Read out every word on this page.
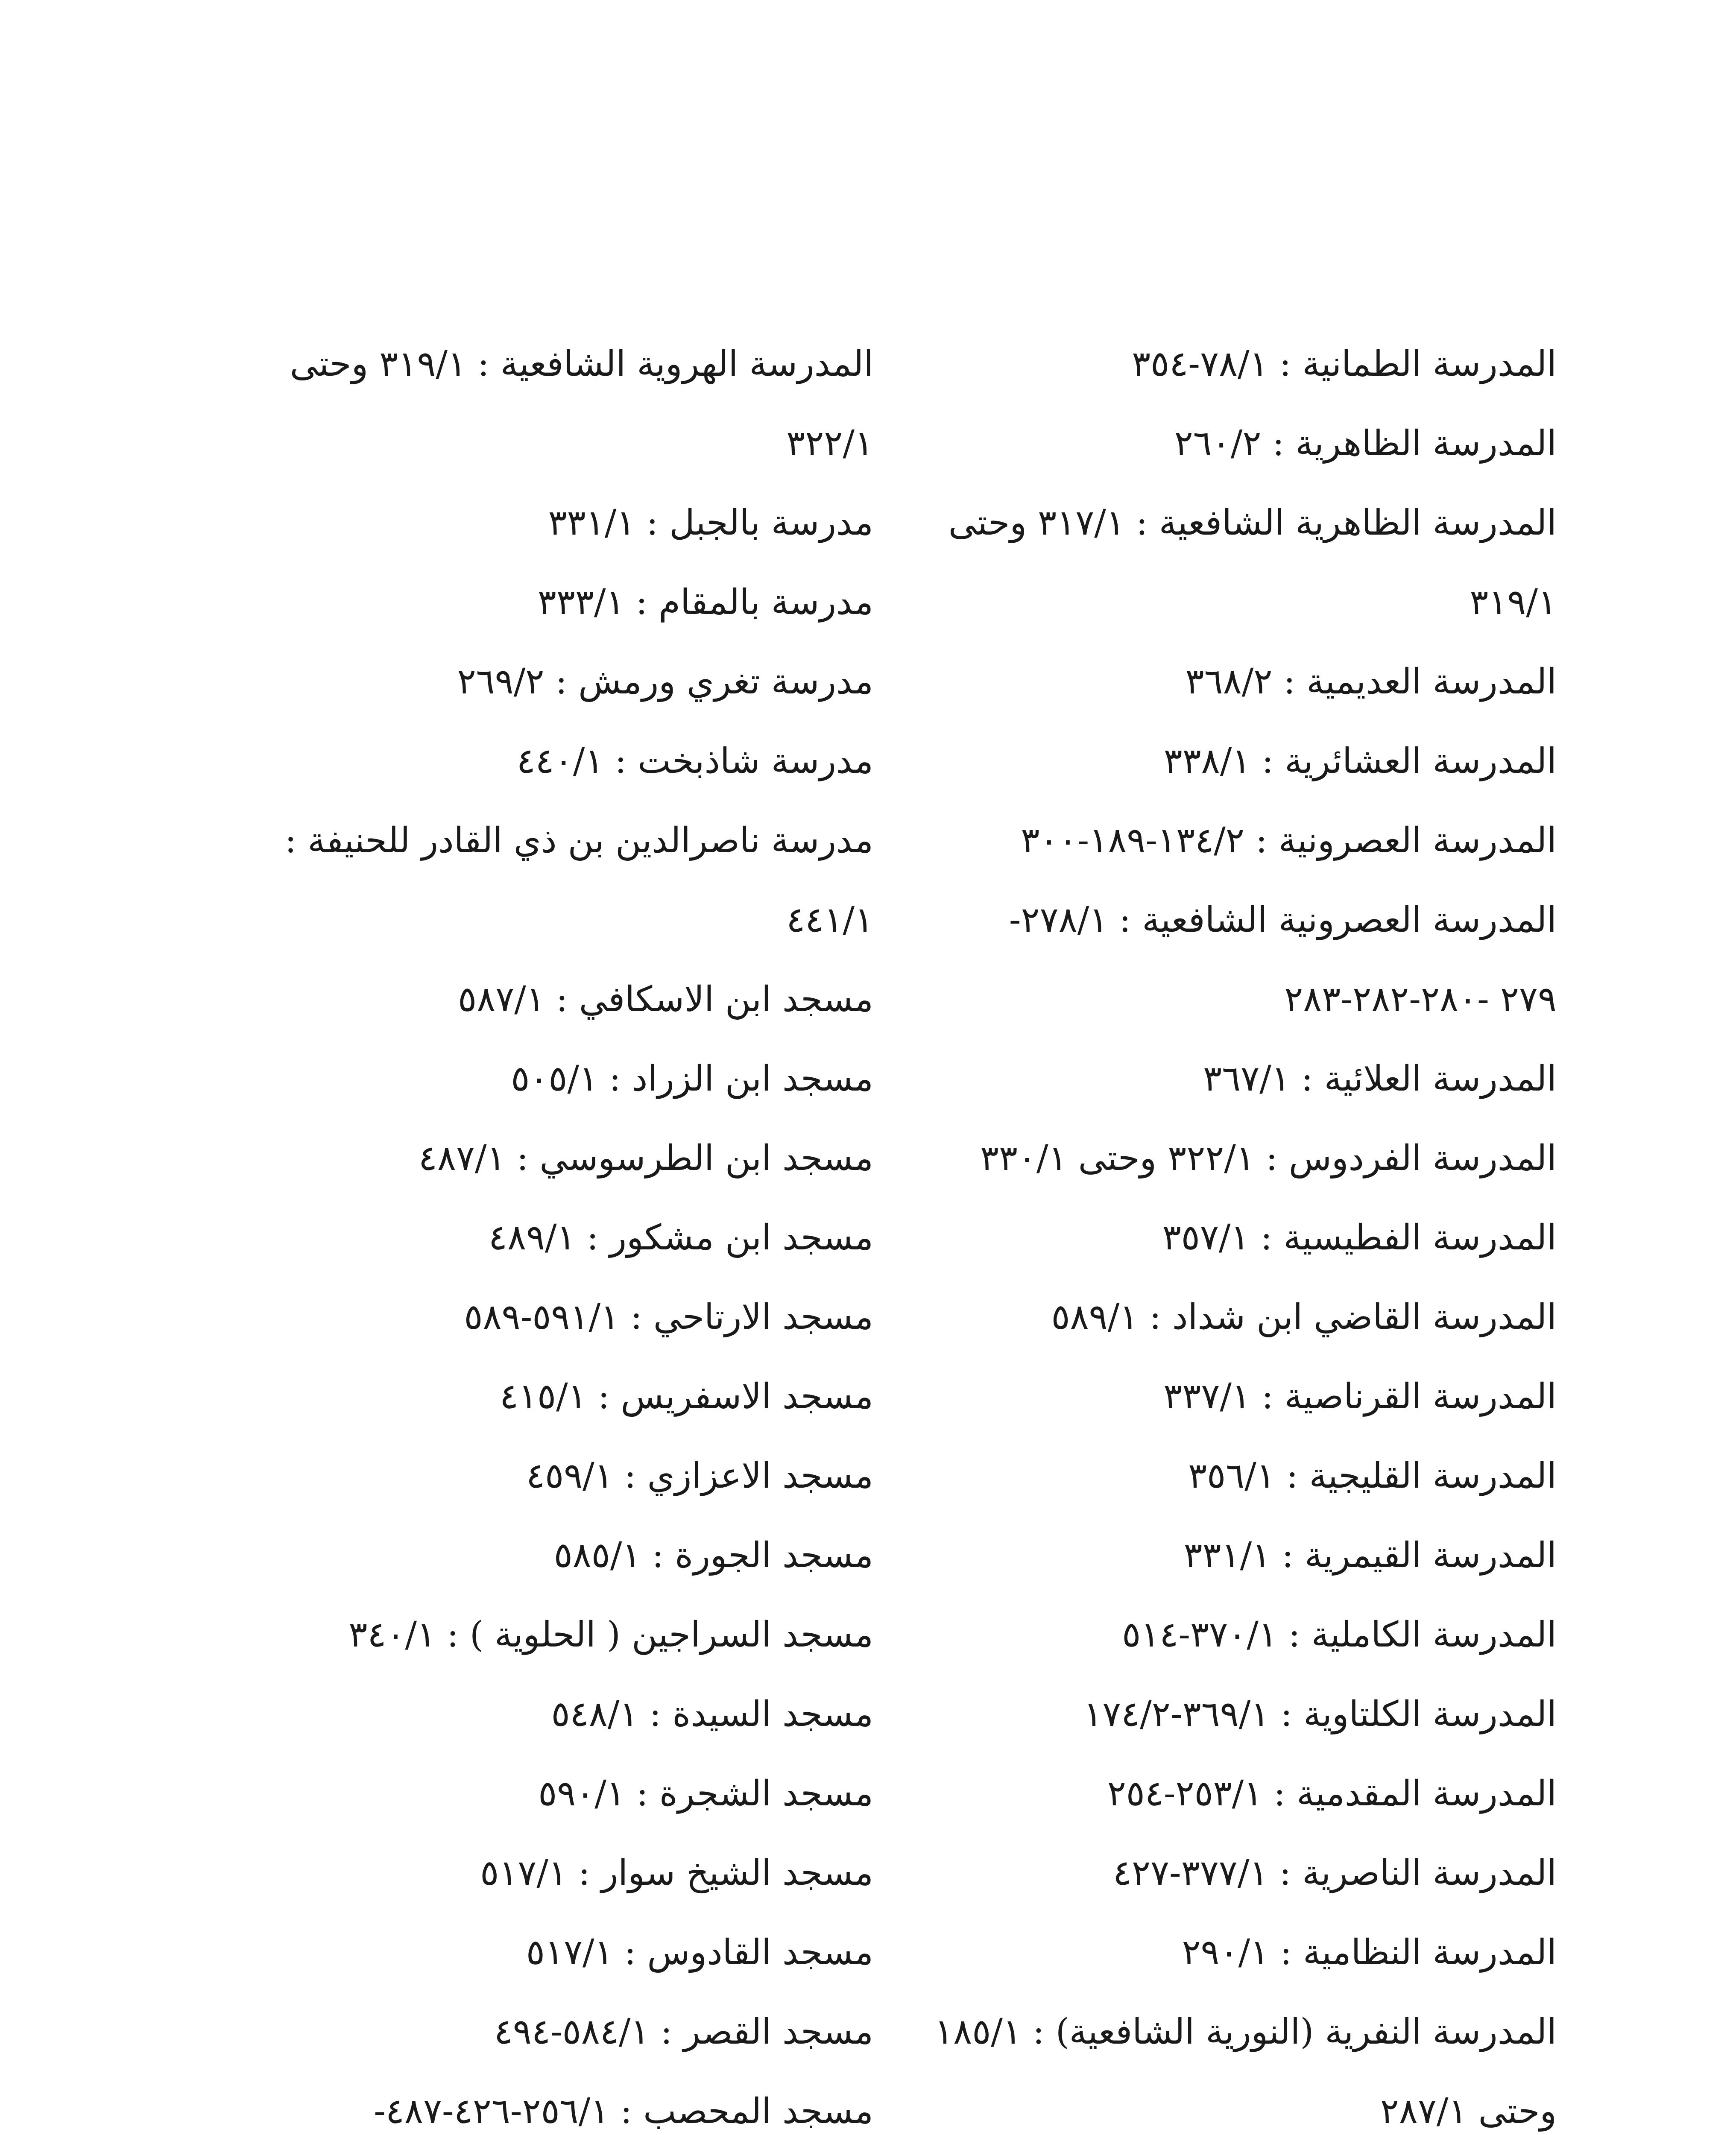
المدرسة الطمانية : ٧٨/١-٣٥٤
المدرسة الظاهرية : ٢٦٠/٢
المدرسة الظاهرية الشافعية : ٣١٧/١ وحتى
٣١٩/١
المدرسة العديمية : ٣٦٨/٢
المدرسة العشائرية : ٣٣٨/١
المدرسة العصرونية : ١٣٤/٢-١٨٩-٣٠٠
المدرسة العصرونية الشافعية : ٢٧٨/١-
٢٧٩ -٢٨٠-٢٨٢-٢٨٣
المدرسة العلائية : ٣٦٧/١
المدرسة الفردوس : ٣٢٢/١ وحتى ٣٣٠/١
المدرسة الفطيسية : ٣٥٧/١
المدرسة القاضي ابن شداد : ٥٨٩/١
المدرسة القرناصية : ٣٣٧/١
المدرسة القليجية : ٣٥٦/١
المدرسة القيمرية : ٣٣١/١
المدرسة الكاملية : ٣٧٠/١-٥١٤
المدرسة الكلتاوية : ٣٦٩/١-١٧٤/٢
المدرسة المقدمية : ٢٥٣/١-٢٥٤
المدرسة الناصرية : ٣٧٧/١-٤٢٧
المدرسة النظامية : ٢٩٠/١
المدرسة النفرية (النورية الشافعية) : ١٨٥/١
وحتى ٢٨٧/١
المدرسة الهروية الشافعية : ٣١٩/١ وحتى
٣٢٢/١
مدرسة بالجبل : ٣٣١/١
مدرسة بالمقام : ٣٣٣/١
مدرسة تغري ورمش : ٢٦٩/٢
مدرسة شاذبخت : ٤٤٠/١
مدرسة ناصرالدين بن ذي القادر للحنيفة :
٤٤١/١
مسجد ابن الاسكافي : ٥٨٧/١
مسجد ابن الزراد : ٥٠٥/١
مسجد ابن الطرسوسي : ٤٨٧/١
مسجد ابن مشكور : ٤٨٩/١
مسجد الارتاحي : ٥٩١/١-٥٨٩
مسجد الاسفريس : ٤١٥/١
مسجد الاعزازي : ٤٥٩/١
مسجد الجورة : ٥٨٥/١
مسجد السراجين ( الحلوية ) : ٣٤٠/١
مسجد السيدة : ٥٤٨/١
مسجد الشجرة : ٥٩٠/١
مسجد الشيخ سوار : ٥١٧/١
مسجد القادوس : ٥١٧/١
مسجد القصر : ٥٨٤/١-٤٩٤
مسجد المحصب : ٢٥٦/١-٤٢٦-٤٨٧-
